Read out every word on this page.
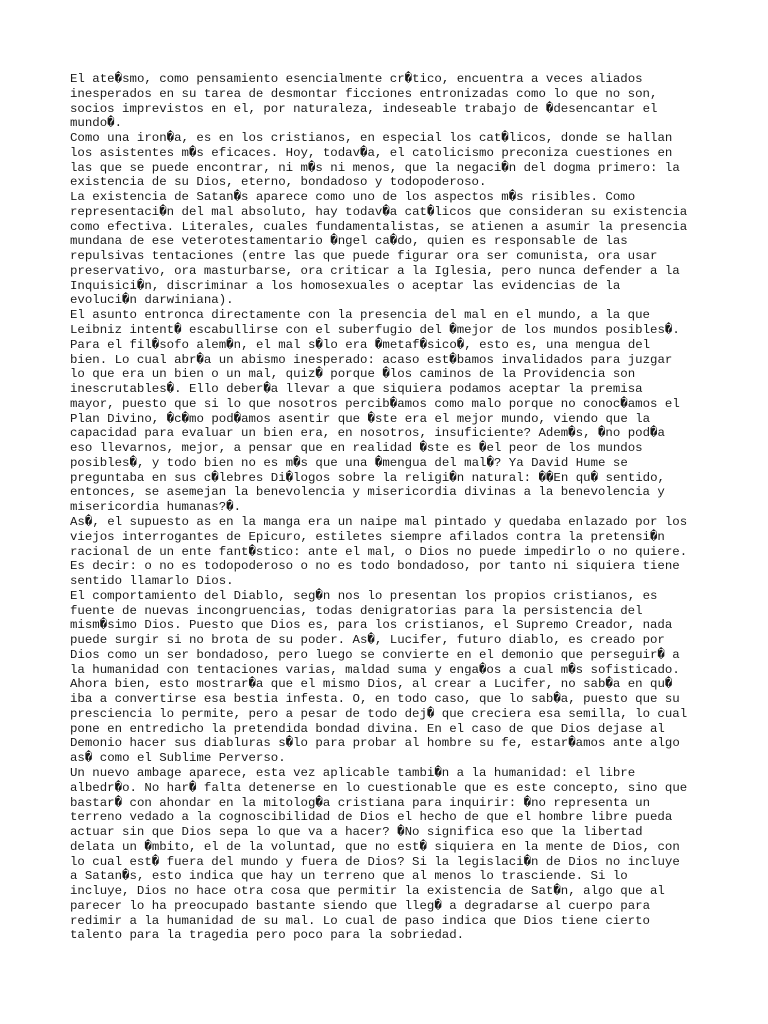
El ate�smo, como pensamiento esencialmente cr�tico, encuentra a veces aliados
inesperados en su tarea de desmontar ficciones entronizadas como lo que no son,
socios imprevistos en el, por naturaleza, indeseable trabajo de �desencantar el
mundo�.

Como una iron�a, es en los cristianos, en especial los cat�licos, donde se hallan
los asistentes m�s eficaces. Hoy, todav�a, el catolicismo preconiza cuestiones en
las que se puede encontrar, ni m�s ni menos, que la negaci�n del dogma primero: la
existencia de su Dios, eterno, bondadoso y todopoderoso.

La existencia de Satan�s aparece como uno de los aspectos m�s risibles. Como
representaci�n del mal absoluto, hay todav�a cat�licos que consideran su existencia
como efectiva. Literales, cuales fundamentalistas, se atienen a asumir la presencia
mundana de ese veterotestamentario �ngel ca�do, quien es responsable de las
repulsivas tentaciones (entre las que puede figurar ora ser comunista, ora usar
preservativo, ora masturbarse, ora criticar a la Iglesia, pero nunca defender a la
Inquisici�n, discriminar a los homosexuales o aceptar las evidencias de la
evoluci�n darwiniana).

El asunto entronca directamente con la presencia del mal en el mundo, a la que
Leibniz intent� escabullirse con el suberfugio del �mejor de los mundos posibles�.
Para el fil�sofo alem�n, el mal s�lo era �metaf�sico�, esto es, una mengua del
bien. Lo cual abr�a un abismo inesperado: acaso est�bamos invalidados para juzgar
lo que era un bien o un mal, quiz� porque �los caminos de la Providencia son
inescrutables�. Ello deber�a llevar a que siquiera podamos aceptar la premisa
mayor, puesto que si lo que nosotros percib�amos como malo porque no conoc�amos el
Plan Divino, �c�mo pod�amos asentir que �ste era el mejor mundo, viendo que la
capacidad para evaluar un bien era, en nosotros, insuficiente? Adem�s, �no pod�a
eso llevarnos, mejor, a pensar que en realidad �ste es �el peor de los mundos
posibles�, y todo bien no es m�s que una �mengua del mal�? Ya David Hume se
preguntaba en sus c�lebres Di�logos sobre la religi�n natural: ��En qu� sentido,
entonces, se asemejan la benevolencia y misericordia divinas a la benevolencia y
misericordia humanas?�.

As�, el supuesto as en la manga era un naipe mal pintado y quedaba enlazado por los
viejos interrogantes de Epicuro, estiletes siempre afilados contra la pretensi�n
racional de un ente fant�stico: ante el mal, o Dios no puede impedirlo o no quiere.
Es decir: o no es todopoderoso o no es todo bondadoso, por tanto ni siquiera tiene
sentido llamarlo Dios.

El comportamiento del Diablo, seg�n nos lo presentan los propios cristianos, es
fuente de nuevas incongruencias, todas denigratorias para la persistencia del
mism�simo Dios. Puesto que Dios es, para los cristianos, el Supremo Creador, nada
puede surgir si no brota de su poder. As�, Lucifer, futuro diablo, es creado por
Dios como un ser bondadoso, pero luego se convierte en el demonio que perseguir� a
la humanidad con tentaciones varias, maldad suma y enga�os a cual m�s sofisticado.
Ahora bien, esto mostrar�a que el mismo Dios, al crear a Lucifer, no sab�a en qu�
iba a convertirse esa bestia infesta. O, en todo caso, que lo sab�a, puesto que su
presciencia lo permite, pero a pesar de todo dej� que creciera esa semilla, lo cual
pone en entredicho la pretendida bondad divina. En el caso de que Dios dejase al
Demonio hacer sus diabluras s�lo para probar al hombre su fe, estar�amos ante algo
as� como el Sublime Perverso.

Un nuevo ambage aparece, esta vez aplicable tambi�n a la humanidad: el libre
albedr�o. No har� falta detenerse en lo cuestionable que es este concepto, sino que
bastar� con ahondar en la mitolog�a cristiana para inquirir: �no representa un
terreno vedado a la cognoscibilidad de Dios el hecho de que el hombre libre pueda
actuar sin que Dios sepa lo que va a hacer? �No significa eso que la libertad
delata un �mbito, el de la voluntad, que no est� siquiera en la mente de Dios, con
lo cual est� fuera del mundo y fuera de Dios? Si la legislaci�n de Dios no incluye
a Satan�s, esto indica que hay un terreno que al menos lo trasciende. Si lo
incluye, Dios no hace otra cosa que permitir la existencia de Sat�n, algo que al
parecer lo ha preocupado bastante siendo que lleg� a degradarse al cuerpo para
redimir a la humanidad de su mal. Lo cual de paso indica que Dios tiene cierto
talento para la tragedia pero poco para la sobriedad.
